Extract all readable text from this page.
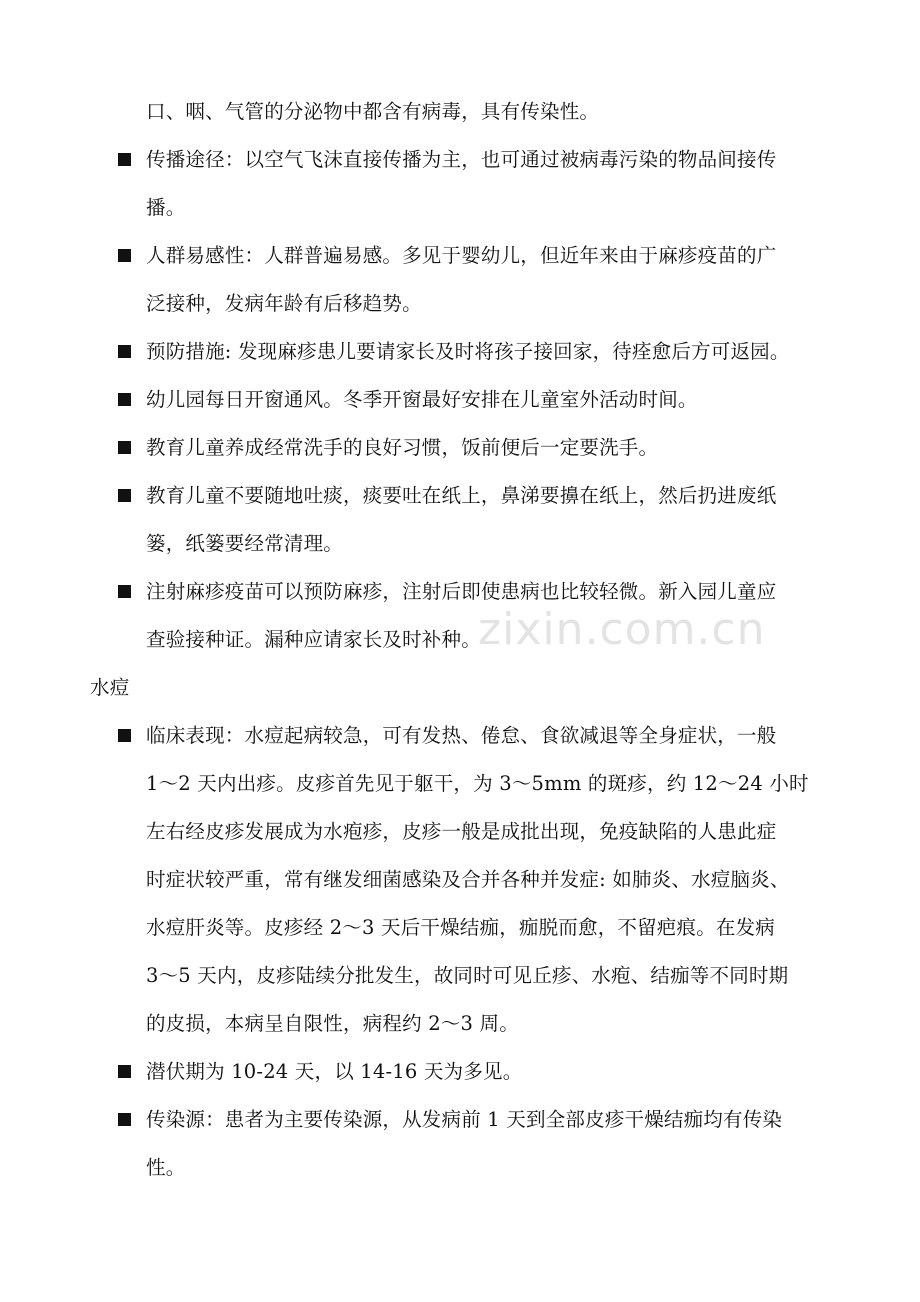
zixin.com.cn
口、咽、气管的分泌物中都含有病毒，具有传染性。
传播途径：以空气飞沫直接传播为主，也可通过被病毒污染的物品间接传
播。
人群易感性：人群普遍易感。多见于婴幼儿，但近年来由于麻疹疫苗的广
泛接种，发病年龄有后移趋势。
预防措施: 发现麻疹患儿要请家长及时将孩子接回家，待痊愈后方可返园。
幼儿园每日开窗通风。冬季开窗最好安排在儿童室外活动时间。
教育儿童养成经常洗手的良好习惯，饭前便后一定要洗手。
教育儿童不要随地吐痰，痰要吐在纸上，鼻涕要擤在纸上，然后扔进废纸
篓，纸篓要经常清理。
注射麻疹疫苗可以预防麻疹，注射后即使患病也比较轻微。新入园儿童应
查验接种证。漏种应请家长及时补种。
水痘
临床表现：水痘起病较急，可有发热、倦怠、食欲减退等全身症状，一般
1～2 天内出疹。皮疹首先见于躯干，为 3～5mm 的斑疹，约 12～24 小时
左右经皮疹发展成为水疱疹，皮疹一般是成批出现，免疫缺陷的人患此症
时症状较严重，常有继发细菌感染及合并各种并发症: 如肺炎、水痘脑炎、
水痘肝炎等。皮疹经 2～3 天后干燥结痂，痂脱而愈，不留疤痕。在发病
3～5 天内，皮疹陆续分批发生，故同时可见丘疹、水疱、结痂等不同时期
的皮损，本病呈自限性，病程约 2～3 周。
潜伏期为 10-24 天，以 14-16 天为多见。
传染源：患者为主要传染源，从发病前 1 天到全部皮疹干燥结痂均有传染
性。
